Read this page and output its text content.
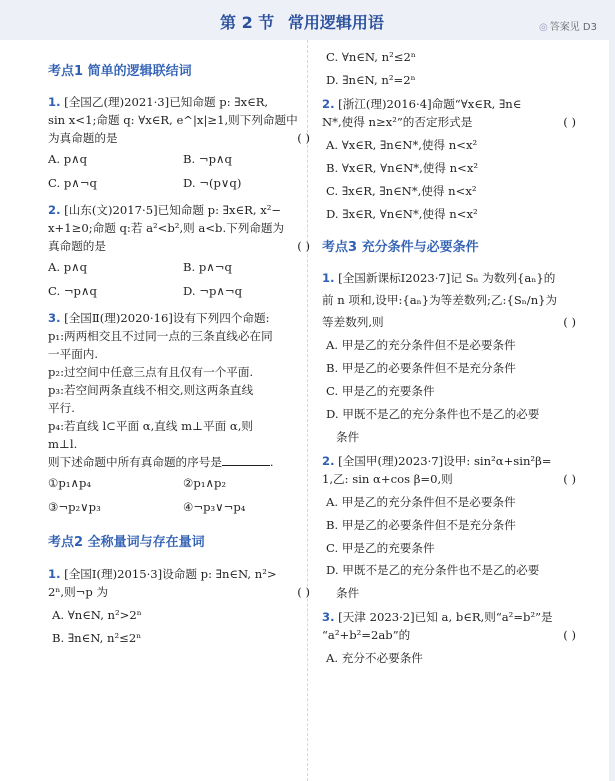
第 2 节 常用逻辑用语	◎ 答案见 D3
考点1 简单的逻辑联结词
1. [全国乙(理)2021·3]已知命题 p: ∃x∈R,
sin x<1;命题 q: ∀x∈R, e^|x|≥1,则下列命题中
为真命题的是	( )
A. p∧q	B. ¬p∧q
C. p∧¬q	D. ¬(p∨q)
2. [山东(文)2017·5]已知命题 p: ∃x∈R, x²−
x+1≥0;命题 q:若 a²<b²,则 a<b.下列命题为
真命题的是	( )
A. p∧q	B. p∧¬q
C. ¬p∧q	D. ¬p∧¬q
3. [全国Ⅱ(理)2020·16]设有下列四个命题:
p₁:两两相交且不过同一点的三条直线必在同
一平面内.
p₂:过空间中任意三点有且仅有一个平面.
p₃:若空间两条直线不相交,则这两条直线
平行.
p₄:若直线 l⊂平面 α,直线 m⊥平面 α,则
m⊥l.
则下述命题中所有真命题的序号是	.
①p₁∧p₄	②p₁∧p₂
③¬p₂∨p₃	④¬p₃∨¬p₄
考点2 全称量词与存在量词
1. [全国Ⅰ(理)2015·3]设命题 p: ∃n∈N, n²>
2ⁿ,则¬p 为	( )
A. ∀n∈N, n²>2ⁿ
B. ∃n∈N, n²≤2ⁿ
C. ∀n∈N, n²≤2ⁿ
D. ∃n∈N, n²=2ⁿ
2. [浙江(理)2016·4]命题“∀x∈R, ∃n∈
N*,使得 n≥x²”的否定形式是	( )
A. ∀x∈R, ∃n∈N*,使得 n<x²
B. ∀x∈R, ∀n∈N*,使得 n<x²
C. ∃x∈R, ∃n∈N*,使得 n<x²
D. ∃x∈R, ∀n∈N*,使得 n<x²
考点3 充分条件与必要条件
1. [全国新课标Ⅰ2023·7]记 Sₙ 为数列{aₙ}的
前 n 项和,设甲:{aₙ}为等差数列;乙:{Sₙ/n}为
等差数列,则	( )
A. 甲是乙的充分条件但不是必要条件
B. 甲是乙的必要条件但不是充分条件
C. 甲是乙的充要条件
D. 甲既不是乙的充分条件也不是乙的必要
条件
2. [全国甲(理)2023·7]设甲: sin²α+sin²β=
1,乙: sin α+cos β=0,则	( )
A. 甲是乙的充分条件但不是必要条件
B. 甲是乙的必要条件但不是充分条件
C. 甲是乙的充要条件
D. 甲既不是乙的充分条件也不是乙的必要
条件
3. [天津 2023·2]已知 a, b∈R,则“a²=b²”是
“a²+b²=2ab”的	( )
A. 充分不必要条件
